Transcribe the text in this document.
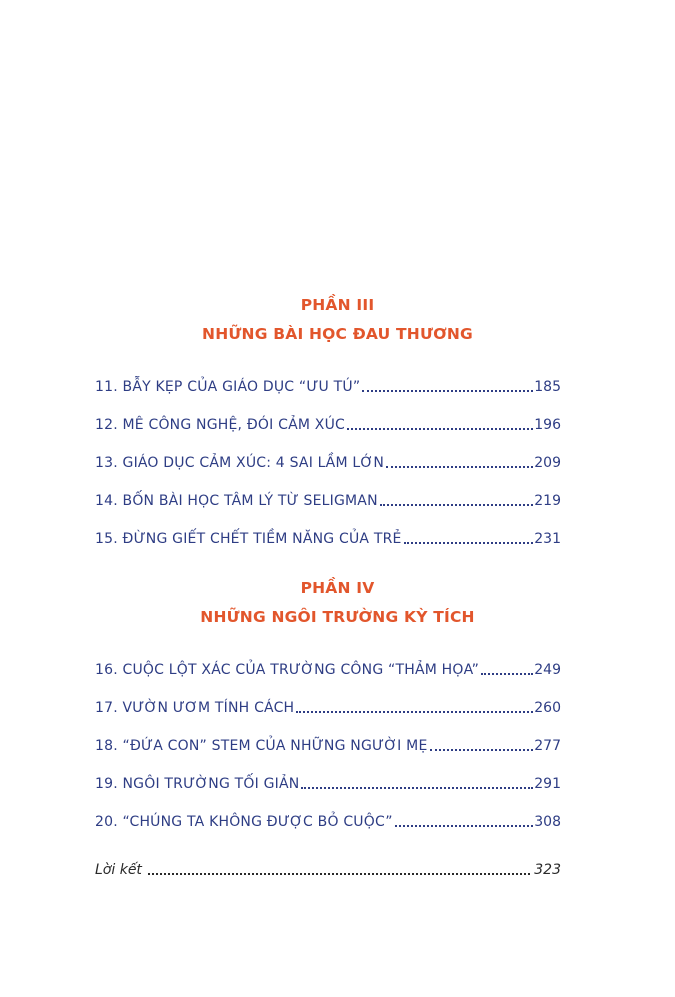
PHẦN III
NHỮNG BÀI HỌC ĐAU THƯƠNG
11. BẪY KẸP CỦA GIÁO DỤC “ƯU TÚ”	185
12. MÊ CÔNG NGHỆ, ĐÓI CẢM XÚC	196
13. GIÁO DỤC CẢM XÚC: 4 SAI LẦM LỚN	209
14. BỐN BÀI HỌC TÂM LÝ TỪ SELIGMAN	219
15. ĐỪNG GIẾT CHẾT TIỀM NĂNG CỦA TRẺ	231
PHẦN IV
NHỮNG NGÔI TRƯỜNG KỲ TÍCH
16. CUỘC LỘT XÁC CỦA TRƯỜNG CÔNG “THẢM HỌA”	249
17. VƯỜN ƯƠM TÍNH CÁCH	260
18. “ĐỨA CON” STEM CỦA NHỮNG NGƯỜI MẸ	277
19. NGÔI TRƯỜNG TỐI GIẢN	291
20. “CHÚNG TA KHÔNG ĐƯỢC BỎ CUỘC”	308
Lời kết	323
